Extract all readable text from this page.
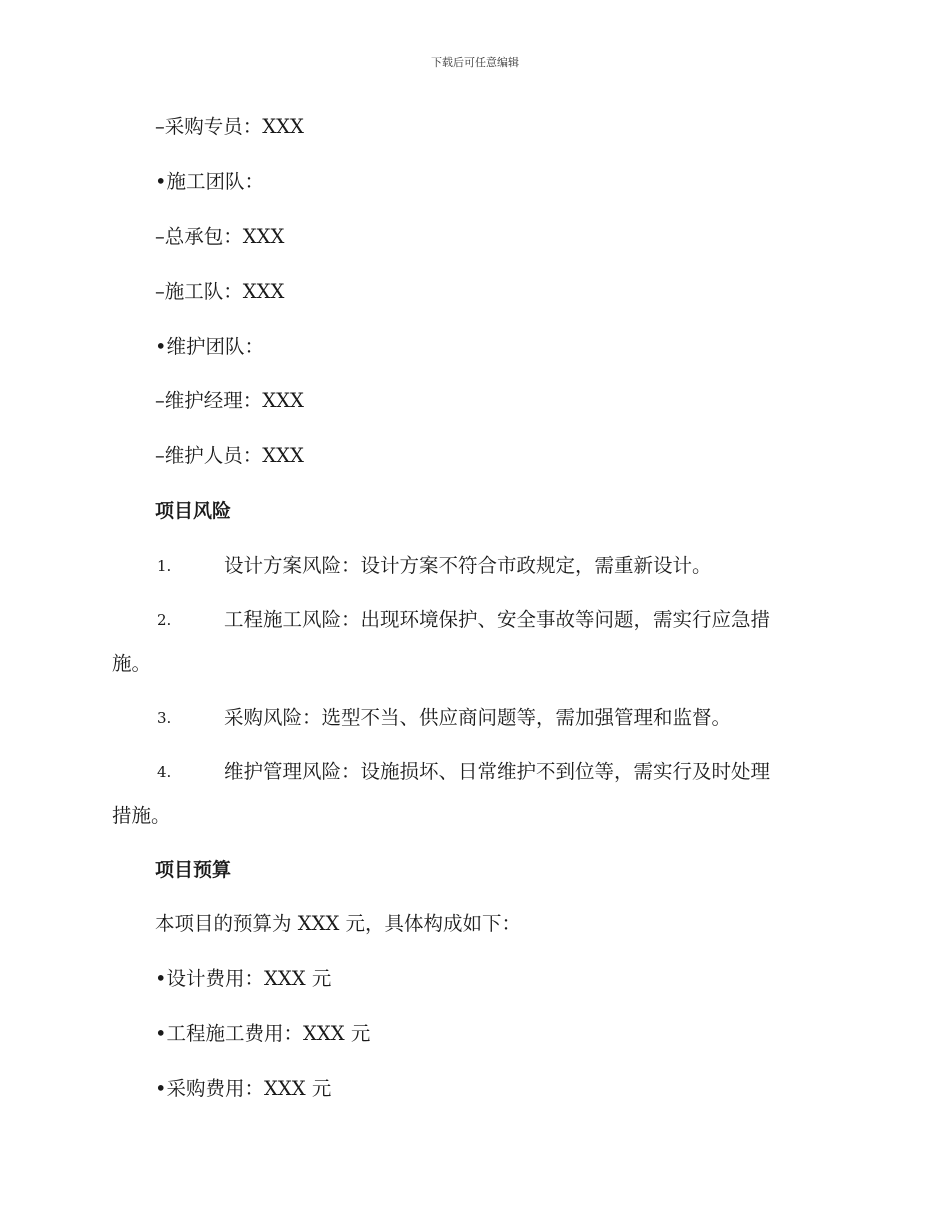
下载后可任意编辑
–采购专员：XXX
•施工团队：
–总承包：XXX
–施工队：XXX
•维护团队：
–维护经理：XXX
–维护人员：XXX
项目风险
1.	设计方案风险：设计方案不符合市政规定，需重新设计。
2.	工程施工风险：出现环境保护、安全事故等问题，需实行应急措
施。
3.	采购风险：选型不当、供应商问题等，需加强管理和监督。
4.	维护管理风险：设施损坏、日常维护不到位等，需实行及时处理
措施。
项目预算
本项目的预算为 XXX 元，具体构成如下：
•设计费用：XXX 元
•工程施工费用：XXX 元
•采购费用：XXX 元
